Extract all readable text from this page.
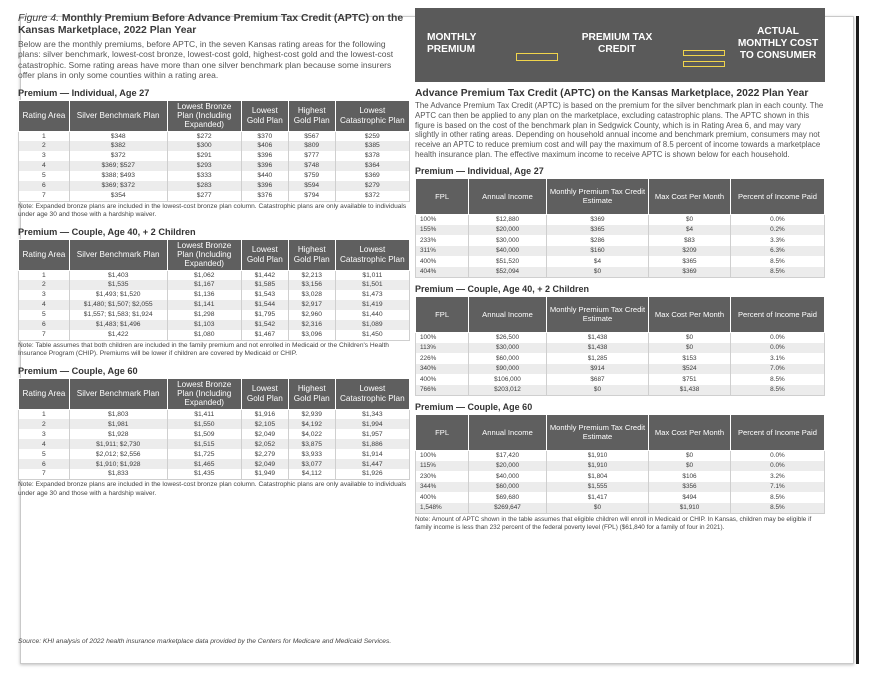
Figure 4. Monthly Premium Before Advance Premium Tax Credit (APTC) on the Kansas Marketplace, 2022 Plan Year
Below are the monthly premiums, before APTC, in the seven Kansas rating areas for the following plans: silver benchmark, lowest-cost bronze, lowest-cost gold, highest-cost gold and the lowest-cost catastrophic. Some rating areas have more than one silver benchmark plan because some insurers offer plans in only some counties within a rating area.
Premium — Individual, Age 27
Rating Area	Silver Benchmark Plan	Lowest Bronze Plan (Including Expanded)	Lowest Gold Plan	Highest Gold Plan	Lowest Catastrophic Plan
1	$348	$272	$370	$567	$259
2	$382	$300	$406	$809	$385
3	$372	$291	$396	$777	$378
4	$369; $527	$293	$396	$748	$364
5	$388; $493	$333	$440	$759	$369
6	$369; $372	$283	$396	$594	$279
7	$354	$277	$376	$794	$372
Note: Expanded bronze plans are included in the lowest-cost bronze plan column. Catastrophic plans are only available to individuals under age 30 and those with a hardship waiver.
Premium — Couple, Age 40, + 2 Children
Rating Area	Silver Benchmark Plan	Lowest Bronze Plan (Including Expanded)	Lowest Gold Plan	Highest Gold Plan	Lowest Catastrophic Plan
1	$1,403	$1,062	$1,442	$2,213	$1,011
2	$1,535	$1,167	$1,585	$3,156	$1,501
3	$1,493; $1,520	$1,136	$1,543	$3,028	$1,473
4	$1,480; $1,507; $2,055	$1,141	$1,544	$2,917	$1,419
5	$1,557; $1,583; $1,924	$1,298	$1,795	$2,960	$1,440
6	$1,483; $1,496	$1,103	$1,542	$2,316	$1,089
7	$1,422	$1,080	$1,467	$3,096	$1,450
Note: Table assumes that both children are included in the family premium and not enrolled in Medicaid or the Children's Health Insurance Program (CHIP). Premiums will be lower if children are covered by Medicaid or CHIP.
Premium — Couple, Age 60
Rating Area	Silver Benchmark Plan	Lowest Bronze Plan (Including Expanded)	Lowest Gold Plan	Highest Gold Plan	Lowest Catastrophic Plan
1	$1,803	$1,411	$1,916	$2,939	$1,343
2	$1,981	$1,550	$2,105	$4,192	$1,994
3	$1,928	$1,509	$2,049	$4,022	$1,957
4	$1,911; $2,730	$1,515	$2,052	$3,875	$1,886
5	$2,012; $2,556	$1,725	$2,279	$3,933	$1,914
6	$1,910; $1,928	$1,465	$2,049	$3,077	$1,447
7	$1,833	$1,435	$1,949	$4,112	$1,926
Note: Expanded bronze plans are included in the lowest-cost bronze plan column. Catastrophic plans are only available to individuals under age 30 and those with a hardship waiver.
Source: KHI analysis of 2022 health insurance marketplace data provided by the Centers for Medicare and Medicaid Services.
MONTHLY PREMIUM
PREMIUM TAX CREDIT
ACTUAL MONTHLY COST TO CONSUMER
Advance Premium Tax Credit (APTC) on the Kansas Marketplace, 2022 Plan Year
The Advance Premium Tax Credit (APTC) is based on the premium for the silver benchmark plan in each county. The APTC can then be applied to any plan on the marketplace, excluding catastrophic plans. The APTC shown in this figure is based on the cost of the benchmark plan in Sedgwick County, which is in Rating Area 6, and may vary slightly in other rating areas. Depending on household annual income and benchmark premium, consumers may not receive an APTC to reduce premium cost and will pay the maximum of 8.5 percent of income towards a marketplace health insurance plan. The effective maximum income to receive APTC is shown below for each household.
Premium — Individual, Age 27
FPL	Annual Income	Monthly Premium Tax Credit Estimate	Max Cost Per Month	Percent of Income Paid
100%	$12,880	$369	$0	0.0%
155%	$20,000	$365	$4	0.2%
233%	$30,000	$286	$83	3.3%
311%	$40,000	$160	$209	6.3%
400%	$51,520	$4	$365	8.5%
404%	$52,094	$0	$369	8.5%
Premium — Couple, Age 40, + 2 Children
FPL	Annual Income	Monthly Premium Tax Credit Estimate	Max Cost Per Month	Percent of Income Paid
100%	$26,500	$1,438	$0	0.0%
113%	$30,000	$1,438	$0	0.0%
226%	$60,000	$1,285	$153	3.1%
340%	$90,000	$914	$524	7.0%
400%	$106,000	$687	$751	8.5%
766%	$203,012	$0	$1,438	8.5%
Premium — Couple, Age 60
FPL	Annual Income	Monthly Premium Tax Credit Estimate	Max Cost Per Month	Percent of Income Paid
100%	$17,420	$1,910	$0	0.0%
115%	$20,000	$1,910	$0	0.0%
230%	$40,000	$1,804	$106	3.2%
344%	$60,000	$1,555	$356	7.1%
400%	$69,680	$1,417	$494	8.5%
1,548%	$269,647	$0	$1,910	8.5%
Note: Amount of APTC shown in the table assumes that eligible children will enroll in Medicaid or CHIP. In Kansas, children may be eligible if family income is less than 232 percent of the federal poverty level (FPL) ($61,840 for a family of four in 2021).
